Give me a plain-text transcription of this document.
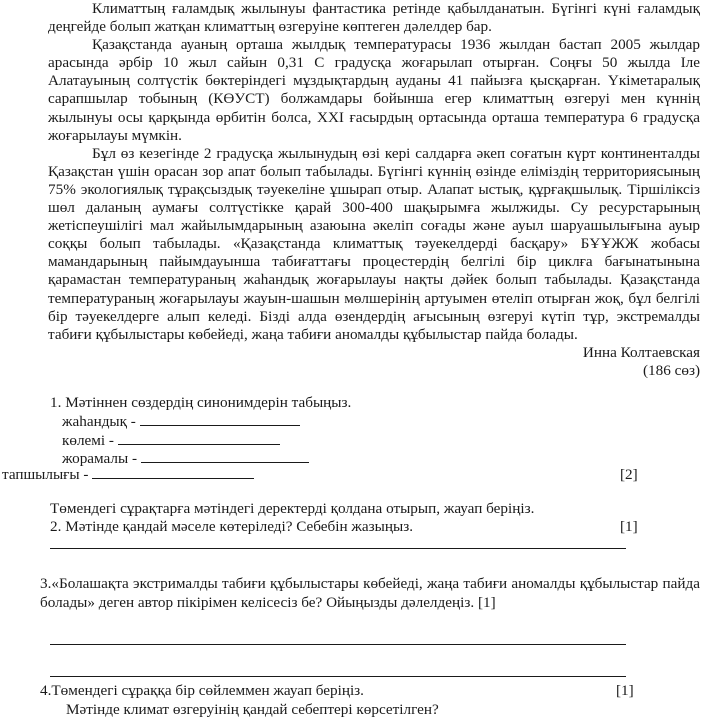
Климаттың ғаламдық жылынуы фантастика ретінде қабылданатын. Бүгінгі күні ғаламдық деңгейде болып жатқан климаттың өзгеруіне көптеген дәлелдер бар.

Қазақстанда ауаның орташа жылдық температурасы 1936 жылдан бастап 2005 жылдар арасында әрбір 10 жыл сайын 0,31 С градусқа жоғарылап отырған. Соңғы 50 жылда Іле Алатауының солтүстік бөктеріндегі мұздықтардың ауданы 41 пайызға қысқарған. Үкіметаралық сарапшылар тобының (КӨУСТ) болжамдары бойынша егер климаттың өзгеруі мен күннің жылынуы осы қарқында өрбитін болса, XXI ғасырдың ортасында орташа температура 6 градусқа жоғарылауы мүмкін.

Бұл өз кезегінде 2 градусқа жылынудың өзі кері салдарға әкеп соғатын күрт континенталды Қазақстан үшін орасан зор апат болып табылады. Бүгінгі күннің өзінде еліміздің территориясының 75% экологиялық тұрақсыздық тәуекеліне ұшырап отыр. Алапат ыстық, құрғақшылық. Тіршіліксіз шөл даланың аумағы солтүстікке қарай 300-400 шақырымға жылжиды. Су ресурстарының жетіспеушілігі мал жайылымдарының азаюына әкеліп соғады және ауыл шаруашылығына ауыр соққы болып табылады. «Қазақстанда климаттық тәуекелдерді басқару» БҰҰЖЖ жобасы мамандарының пайымдауынша табиғаттағы процестердің белгілі бір циклға бағынатынына қарамастан температураның жаһандық жоғарылауы нақты дәйек болып табылады. Қазақстанда температураның жоғарылауы жауын-шашын мөлшерінің артуымен өтеліп отырған жоқ, бұл белгілі бір тәуекелдерге алып келеді. Бізді алда өзендердің ағысының өзгеруі күтіп тұр, экстремалды табиғи құбылыстары көбейеді, жаңа табиғи аномалды құбылыстар пайда болады.

Инна Колтаевская
(186 сөз)
1. Мәтіннен сөздердің синонимдерін табыңыз.
жаһандық -
көлемі -
жорамалы -
тапшылығы -	[2]
Төмендегі сұрақтарға мәтіндегі деректерді қолдана отырып, жауап беріңіз.
2. Мәтінде қандай мәселе көтеріледі? Себебін жазыңыз.	[1]
3.«Болашақта экстрималды табиғи құбылыстары көбейеді, жаңа табиғи аномалды құбылыстар пайда болады» деген автор пікірімен келісесіз бе? Ойыңызды дәлелдеңіз. [1]
4.Төмендегі сұраққа бір сөйлеммен жауап беріңіз.	[1]
Мәтінде климат өзгеруінің қандай себептері көрсетілген?
